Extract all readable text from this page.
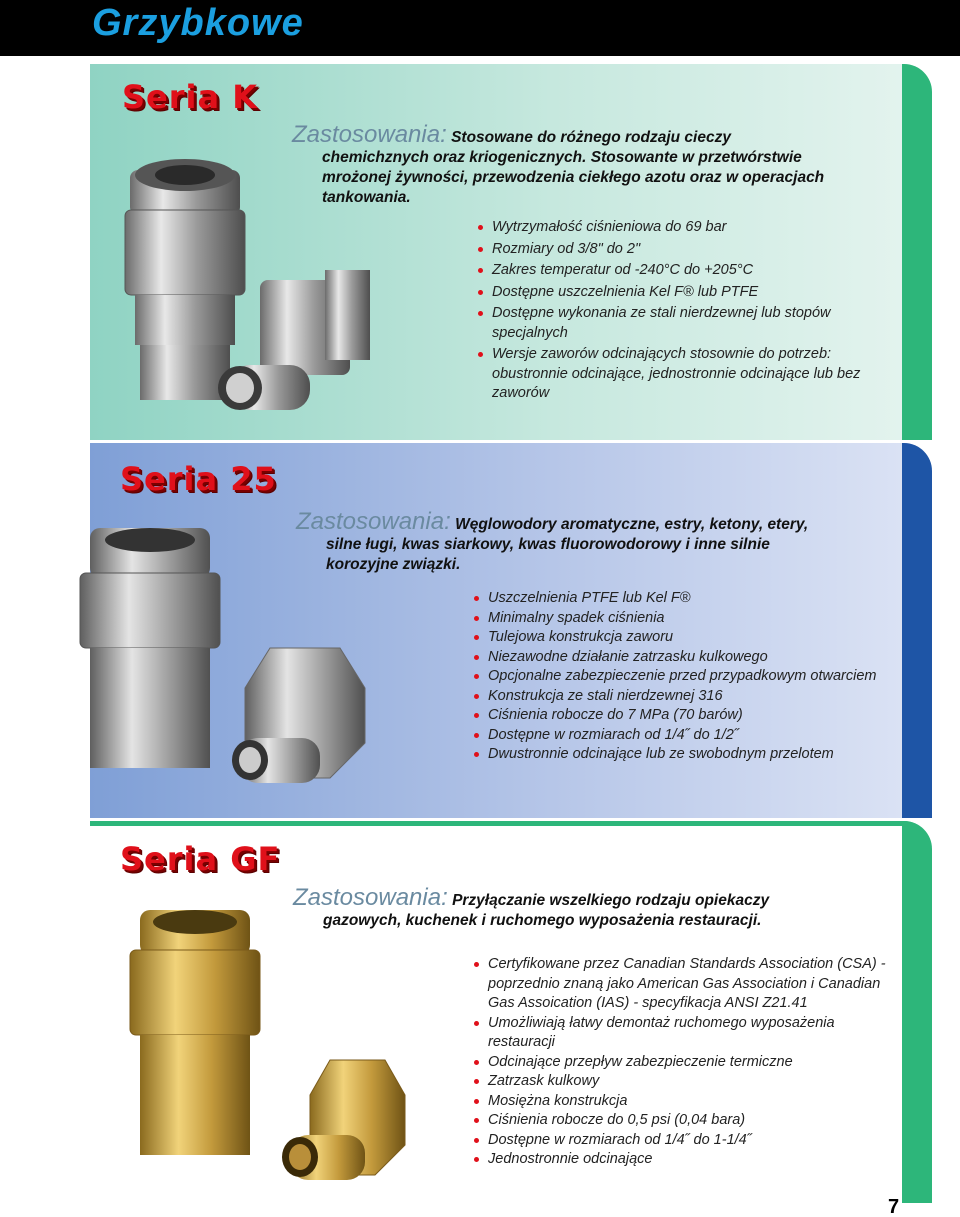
Grzybkowe
Seria K
Zastosowania: Stosowane do różnego rodzaju cieczy
chemichznych oraz kriogenicznych. Stosowante w przetwórstwie
mrożonej żywności, przewodzenia ciekłego azotu oraz w operacjach
tankowania.
Wytrzymałość ciśnieniowa do 69 bar
Rozmiary od 3/8" do 2"
Zakres temperatur od -240°C do +205°C
Dostępne uszczelnienia Kel F® lub PTFE
Dostępne wykonania ze stali nierdzewnej lub stopów specjalnych
Wersje zaworów odcinających stosownie do potrzeb: obustronnie odcinające, jednostronnie odcinające lub bez zaworów
Seria 25
Zastosowania: Węglowodory aromatyczne, estry, ketony, etery,
silne ługi, kwas siarkowy, kwas fluorowodorowy i inne silnie
korozyjne związki.
Uszczelnienia PTFE lub Kel F®
Minimalny spadek ciśnienia
Tulejowa konstrukcja zaworu
Niezawodne działanie zatrzasku kulkowego
Opcjonalne zabezpieczenie przed przypadkowym otwarciem
Konstrukcja ze stali nierdzewnej 316
Ciśnienia robocze do 7 MPa (70 barów)
Dostępne w rozmiarach od 1/4˝ do 1/2˝
Dwustronnie odcinające lub ze swobodnym przelotem
Seria GF
Zastosowania: Przyłączanie wszelkiego rodzaju opiekaczy
gazowych, kuchenek i ruchomego wyposażenia restauracji.
Certyfikowane przez Canadian Standards Association (CSA) - poprzednio znaną jako American Gas Association i Canadian Gas Assoication (IAS) - specyfikacja ANSI Z21.41
Umożliwiają łatwy demontaż ruchomego wyposażenia restauracji
Odcinające przepływ zabezpieczenie termiczne
Zatrzask kulkowy
Mosiężna konstrukcja
Ciśnienia robocze do 0,5 psi (0,04 bara)
Dostępne w rozmiarach od 1/4˝ do 1-1/4˝
Jednostronnie odcinające
7
